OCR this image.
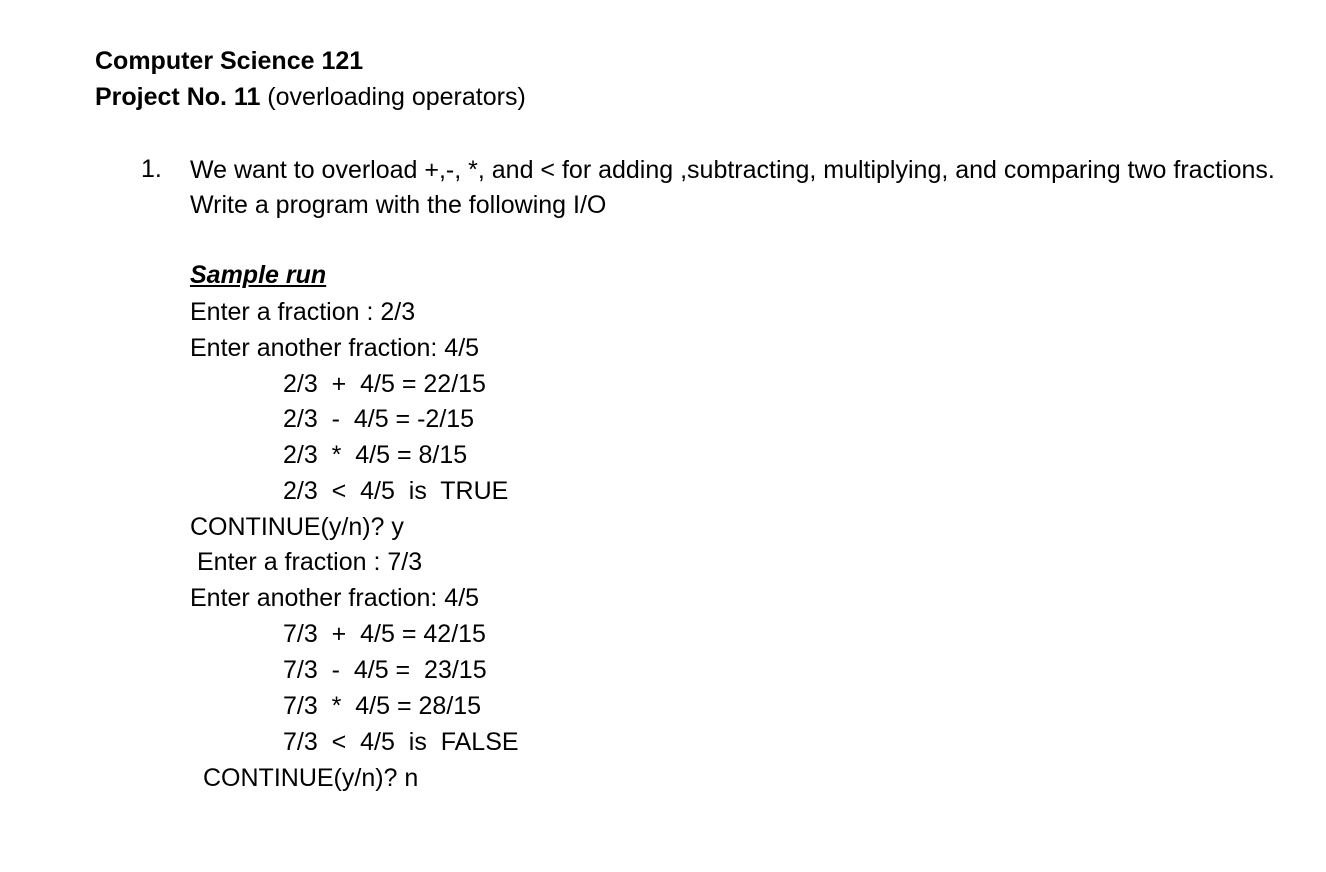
Computer Science 121
Project No. 11 (overloading operators)
1. We want to overload +,-, *, and < for adding ,subtracting, multiplying, and comparing two fractions. Write a program with the following I/O
Sample run
Enter a fraction : 2/3
Enter another fraction: 4/5
2/3  +  4/5 = 22/15
2/3  -  4/5 = -2/15
2/3  *  4/5 = 8/15
2/3  <  4/5  is  TRUE
CONTINUE(y/n)? y
Enter a fraction : 7/3
Enter another fraction: 4/5
7/3  +  4/5 = 42/15
7/3  -  4/5 =  23/15
7/3  *  4/5 = 28/15
7/3  <  4/5  is  FALSE
CONTINUE(y/n)? n
